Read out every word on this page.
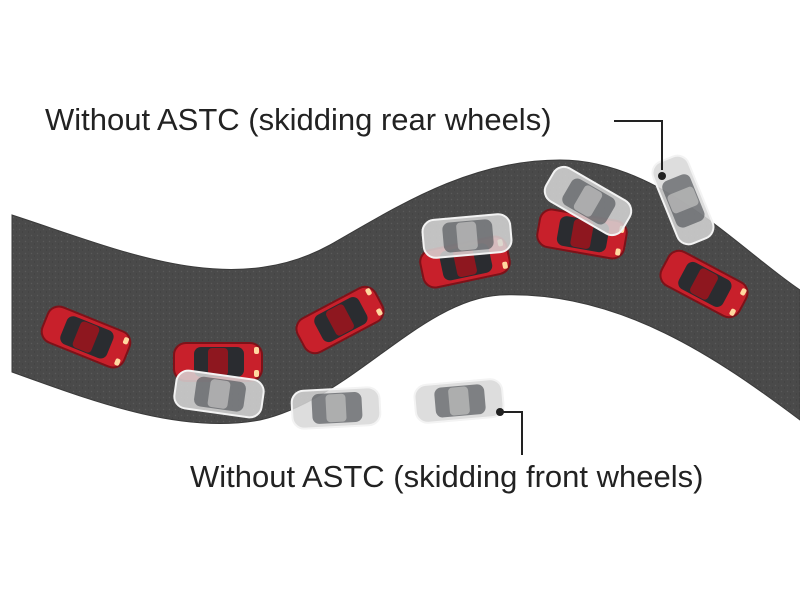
Without ASTC (skidding rear wheels)
Without ASTC (skidding front wheels)
